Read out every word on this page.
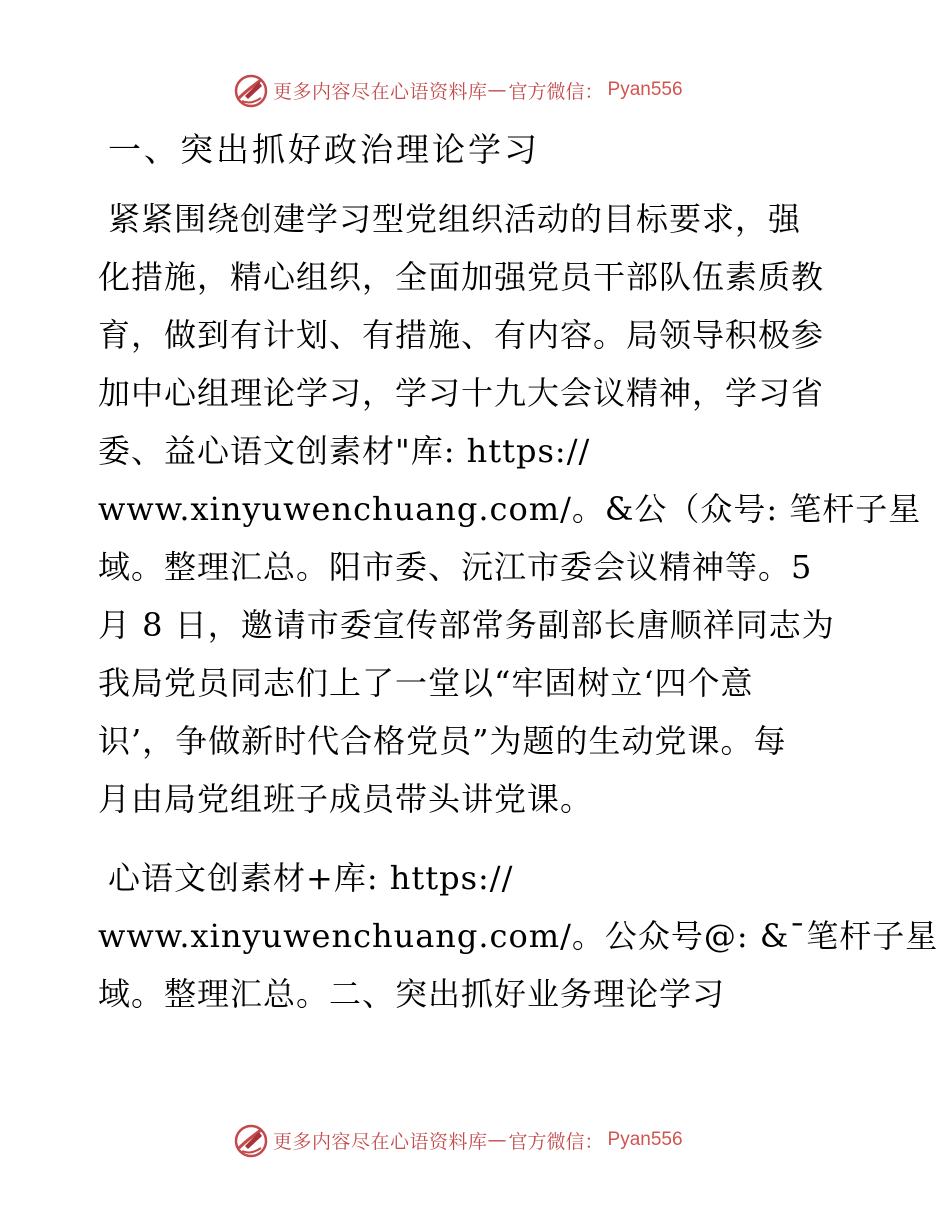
更多内容尽在心语资料库 — 官方微信： Pyan556
一、突出抓好政治理论学习
紧紧围绕创建学习型党组织活动的目标要求，强
化措施，精心组织，全面加强党员干部队伍素质教
育，做到有计划、有措施、有内容。局领导积极参
加中心组理论学习，学习十九大会议精神，学习省
委、益心语文创素材"库: https://
www.xinyuwenchuang.com/。&公（众号: 笔杆子星
域。整理汇总。阳市委、沅江市委会议精神等。5
月 8 日，邀请市委宣传部常务副部长唐顺祥同志为
我局党员同志们上了一堂以“牢固树立‘四个意
识’，争做新时代合格党员”为题的生动党课。每
月由局党组班子成员带头讲党课。
心语文创素材+库: https://
www.xinyuwenchuang.com/。公众号@: &¯笔杆子星
域。整理汇总。二、突出抓好业务理论学习
更多内容尽在心语资料库 — 官方微信： Pyan556
